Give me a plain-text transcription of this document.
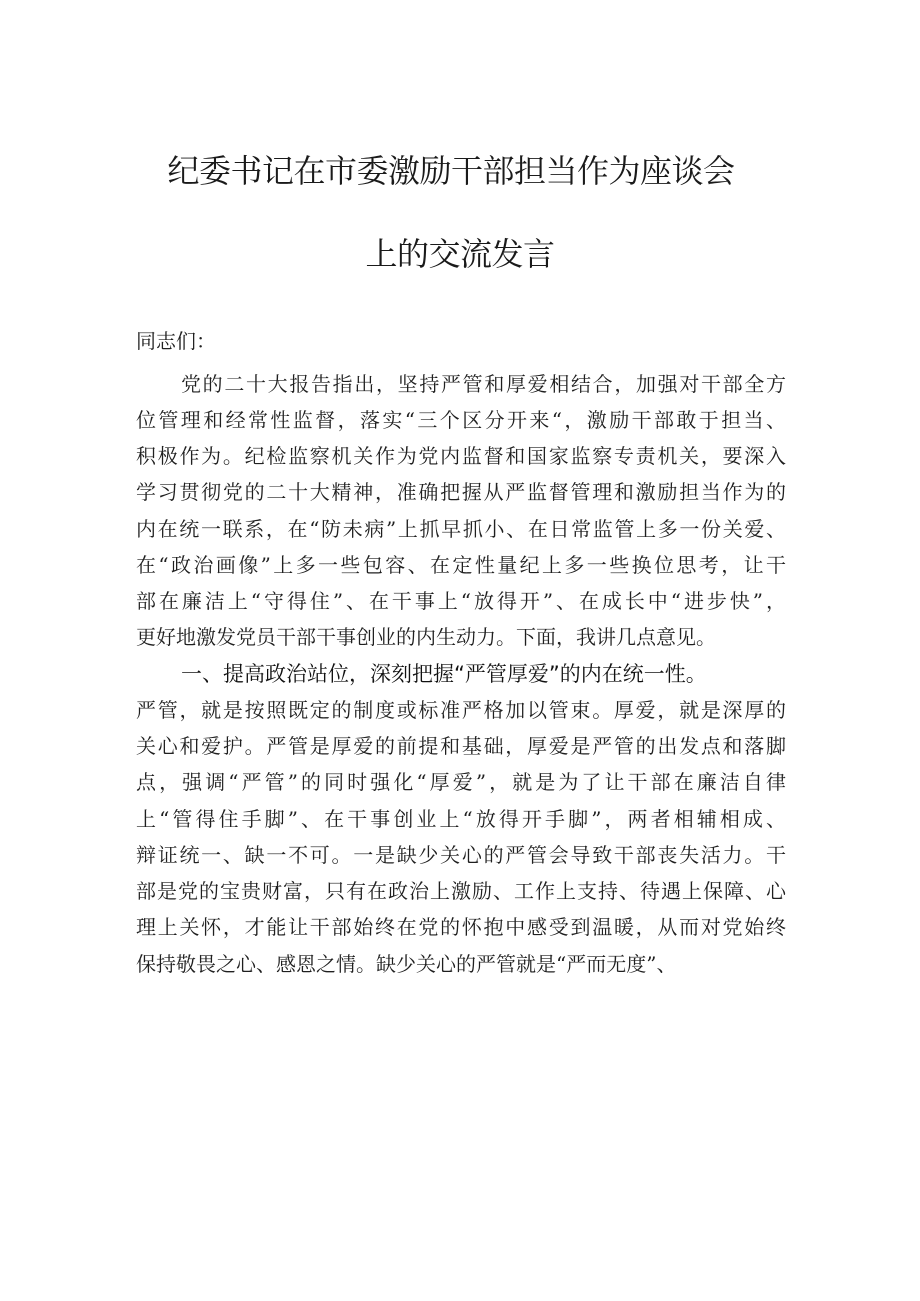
纪委书记在市委激励干部担当作为座谈会
上的交流发言
同志们：
党的二十大报告指出，坚持严管和厚爱相结合，加强对干部全方
位管理和经常性监督，落实“三个区分开来“，激励干部敢于担当、
积极作为。纪检监察机关作为党内监督和国家监察专责机关，要深入
学习贯彻党的二十大精神，准确把握从严监督管理和激励担当作为的
内在统一联系，在“防未病”上抓早抓小、在日常监管上多一份关爱、
在“政治画像”上多一些包容、在定性量纪上多一些换位思考，让干
部在廉洁上“守得住”、在干事上“放得开”、在成长中“进步快”，
更好地激发党员干部干事创业的内生动力。下面，我讲几点意见。
一、提高政治站位，深刻把握“严管厚爱”的内在统一性。
严管，就是按照既定的制度或标准严格加以管束。厚爱，就是深厚的
关心和爱护。严管是厚爱的前提和基础，厚爱是严管的出发点和落脚
点，强调“严管”的同时强化“厚爱”，就是为了让干部在廉洁自律
上“管得住手脚”、在干事创业上“放得开手脚”，两者相辅相成、
辩证统一、缺一不可。一是缺少关心的严管会导致干部丧失活力。干
部是党的宝贵财富，只有在政治上激励、工作上支持、待遇上保障、心
理上关怀，才能让干部始终在党的怀抱中感受到温暖，从而对党始终
保持敬畏之心、感恩之情。缺少关心的严管就是“严而无度”、
